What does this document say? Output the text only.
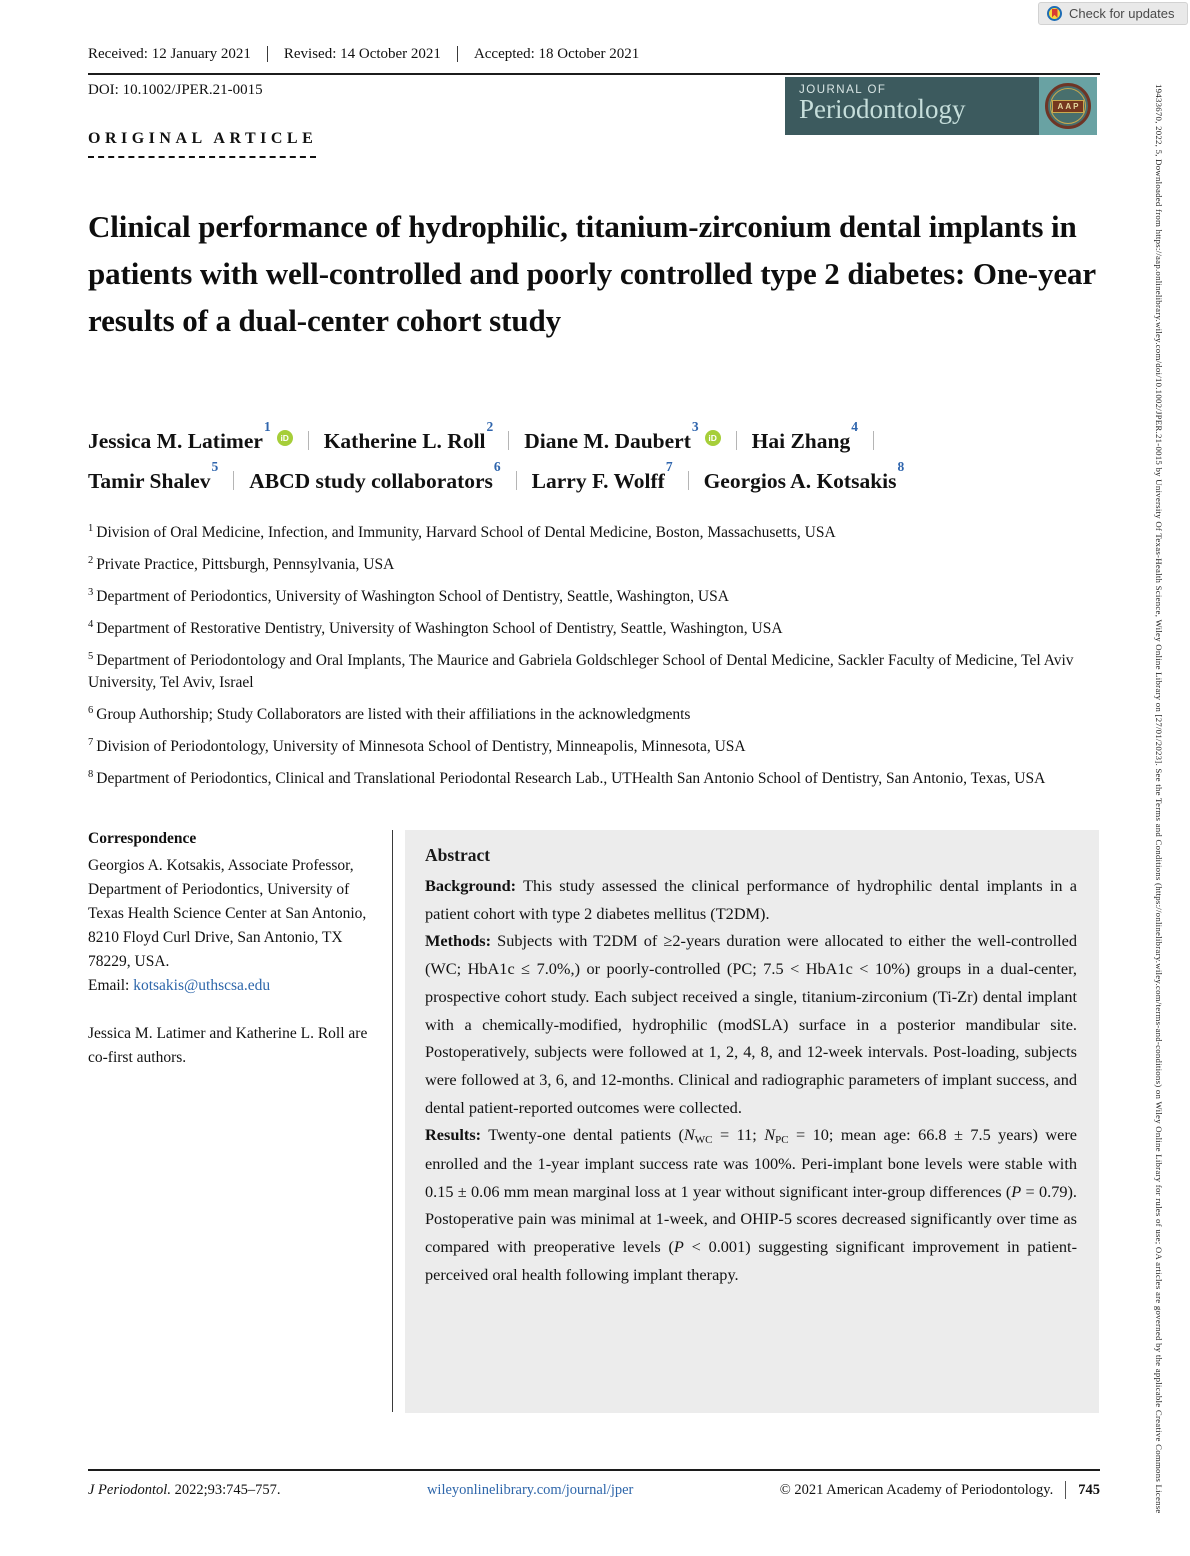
Check for updates
19433670, 2022, 5, Downloaded from https://aap.onlinelibrary.wiley.com/doi/10.1002/JPER.21-0015 by University Of Texas-Health Science, Wiley Online Library on [27/01/2023]. See the Terms and Conditions (https://onlinelibrary.wiley.com/terms-and-conditions) on Wiley Online Library for rules of use; OA articles are governed by the applicable Creative Commons License
Received: 12 January 2021 Revised: 14 October 2021 Accepted: 18 October 2021
DOI: 10.1002/JPER.21-0015	JOURNAL OF
Periodontology	AAP
ORIGINAL ARTICLE
Clinical performance of hydrophilic, titanium-zirconium dental implants in patients with well-controlled and poorly controlled type 2 diabetes: One-year results of a dual-center cohort study
Jessica M. Latimer$^1$
iD Katherine L. Roll$^2$
Diane M. Daubert$^3$
iD Hai Zhang$^4$
Tamir Shalev$^5$
ABCD study collaborators$^6$
Larry F. Wolff$^7$
Georgios A. Kotsakis$^8$
$^1$ Division of Oral Medicine, Infection, and Immunity, Harvard School of Dental Medicine, Boston, Massachusetts, USA
$^2$ Private Practice, Pittsburgh, Pennsylvania, USA
$^3$ Department of Periodontics, University of Washington School of Dentistry, Seattle, Washington, USA
$^4$ Department of Restorative Dentistry, University of Washington School of Dentistry, Seattle, Washington, USA
$^5$ Department of Periodontology and Oral Implants, The Maurice and Gabriela Goldschleger School of Dental Medicine, Sackler Faculty of Medicine, Tel Aviv University, Tel Aviv, Israel
$^6$ Group Authorship; Study Collaborators are listed with their affiliations in the acknowledgments
$^7$ Division of Periodontology, University of Minnesota School of Dentistry, Minneapolis, Minnesota, USA
$^8$ Department of Periodontics, Clinical and Translational Periodontal Research Lab., UTHealth San Antonio School of Dentistry, San Antonio, Texas, USA
Correspondence
Georgios A. Kotsakis, Associate Professor, Department of Periodontics, University of Texas Health Science Center at San Antonio, 8210 Floyd Curl Drive, San Antonio, TX 78229, USA.
Email: kotsakis@uthscsa.edu
Jessica M. Latimer and Katherine L. Roll are co-first authors.
Abstract

Background: This study assessed the clinical performance of hydrophilic dental implants in a patient cohort with type 2 diabetes mellitus (T2DM).

Methods: Subjects with T2DM of ≥2-years duration were allocated to either the well-controlled (WC; HbA1c ≤ 7.0%,) or poorly-controlled (PC; 7.5 < HbA1c < 10%) groups in a dual-center, prospective cohort study. Each subject received a single, titanium-zirconium (Ti-Zr) dental implant with a chemically-modified, hydrophilic (modSLA) surface in a posterior mandibular site. Postoperatively, subjects were followed at 1, 2, 4, 8, and 12-week intervals. Post-loading, subjects were followed at 3, 6, and 12-months. Clinical and radiographic parameters of implant success, and dental patient-reported outcomes were collected.

Results: Twenty-one dental patients ($N_{WC} = 11$; $N_{PC} = 10$; mean age: 66.8 ± 7.5 years) were enrolled and the 1-year implant success rate was 100%. Peri-implant bone levels were stable with 0.15 ± 0.06 mm mean marginal loss at 1 year without significant inter-group differences (P = 0.79). Postoperative pain was minimal at 1-week, and OHIP-5 scores decreased significantly over time as compared with preoperative levels (P < 0.001) suggesting significant improvement in patient-perceived oral health following implant therapy.

J Periodontol. 2022;93:745–757.	wileyonlinelibrary.com/journal/jper	© 2021 American Academy of Periodontology. 745
